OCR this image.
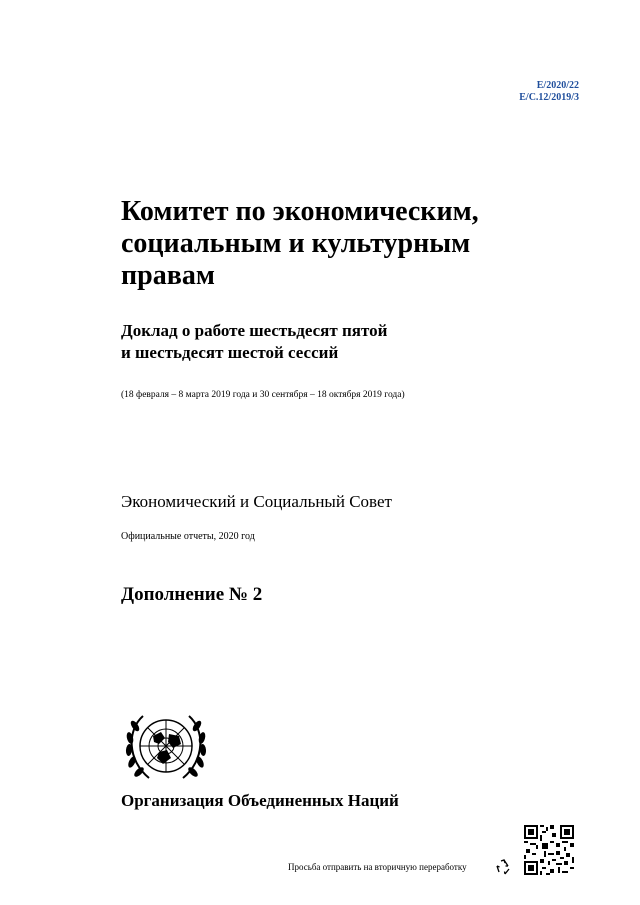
E/2020/22
E/C.12/2019/3
Комитет по экономическим, социальным и культурным правам
Доклад о работе шестьдесят пятой
и шестьдесят шестой сессий
(18 февраля – 8 марта 2019 года и 30 сентября – 18 октября 2019 года)
Экономический и Социальный Совет
Официальные отчеты, 2020 год
Дополнение № 2
Организация Объединенных Наций
Просьба отправить на вторичную переработку
